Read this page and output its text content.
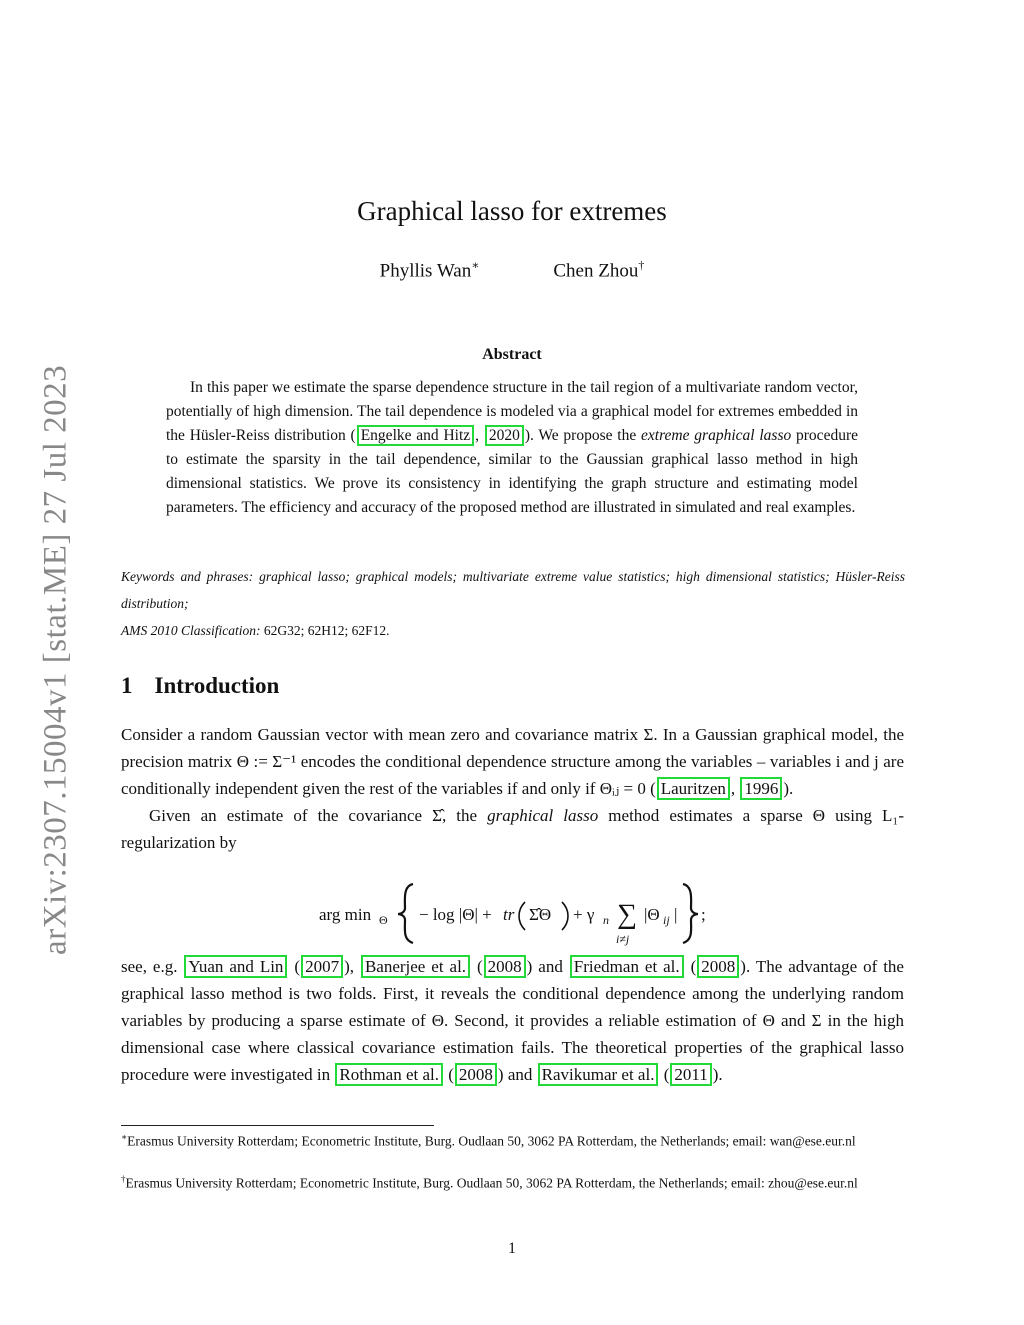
arXiv:2307.15004v1 [stat.ME] 27 Jul 2023
Graphical lasso for extremes
Phyllis Wan∗	Chen Zhou†
Abstract

In this paper we estimate the sparse dependence structure in the tail region of a multivariate random vector, potentially of high dimension. The tail dependence is modeled via a graphical model for extremes embedded in the Hüsler-Reiss distribution ( Engelke and Hitz , 2020 ). We propose the extreme graphical lasso procedure to estimate the sparsity in the tail dependence, similar to the Gaussian graphical lasso method in high dimensional statistics. We prove its consistency in identifying the graph structure and estimating model parameters. The efficiency and accuracy of the proposed method are illustrated in simulated and real examples.

Keywords and phrases: graphical lasso; graphical models; multivariate extreme value statistics; high dimensional statistics; Hüsler-Reiss distribution;

AMS 2010 Classification: 62G32; 62H12; 62F12.

1 Introduction

Consider a random Gaussian vector with mean zero and covariance matrix Σ. In a Gaussian graphical model, the precision matrix Θ := Σ⁻¹ encodes the conditional dependence structure among the variables – variables i and j are conditionally independent given the rest of the variables if and only if Θᵢⱼ = 0 ( Lauritzen , 1996 ).

Given an estimate of the covariance Σ̂, the graphical lasso method estimates a sparse Θ using L₁-regularization by

arg min Θ − log |Θ| + tr Σ̂Θ + γ n ∑
i≠j
|Θ ij | ;

see, e.g. Yuan and Lin ( 2007 ), Banerjee et al. ( 2008 ) and Friedman et al. ( 2008 ). The advantage of the graphical lasso method is two folds. First, it reveals the conditional dependence among the underlying random variables by producing a sparse estimate of Θ. Second, it provides a reliable estimation of Θ and Σ in the high dimensional case where classical covariance estimation fails. The theoretical properties of the graphical lasso procedure were investigated in Rothman et al. ( 2008 ) and Ravikumar et al. ( 2011 ).

∗Erasmus University Rotterdam; Econometric Institute, Burg. Oudlaan 50, 3062 PA Rotterdam, the Netherlands; email: wan@ese.eur.nl

†Erasmus University Rotterdam; Econometric Institute, Burg. Oudlaan 50, 3062 PA Rotterdam, the Netherlands; email: zhou@ese.eur.nl

1
